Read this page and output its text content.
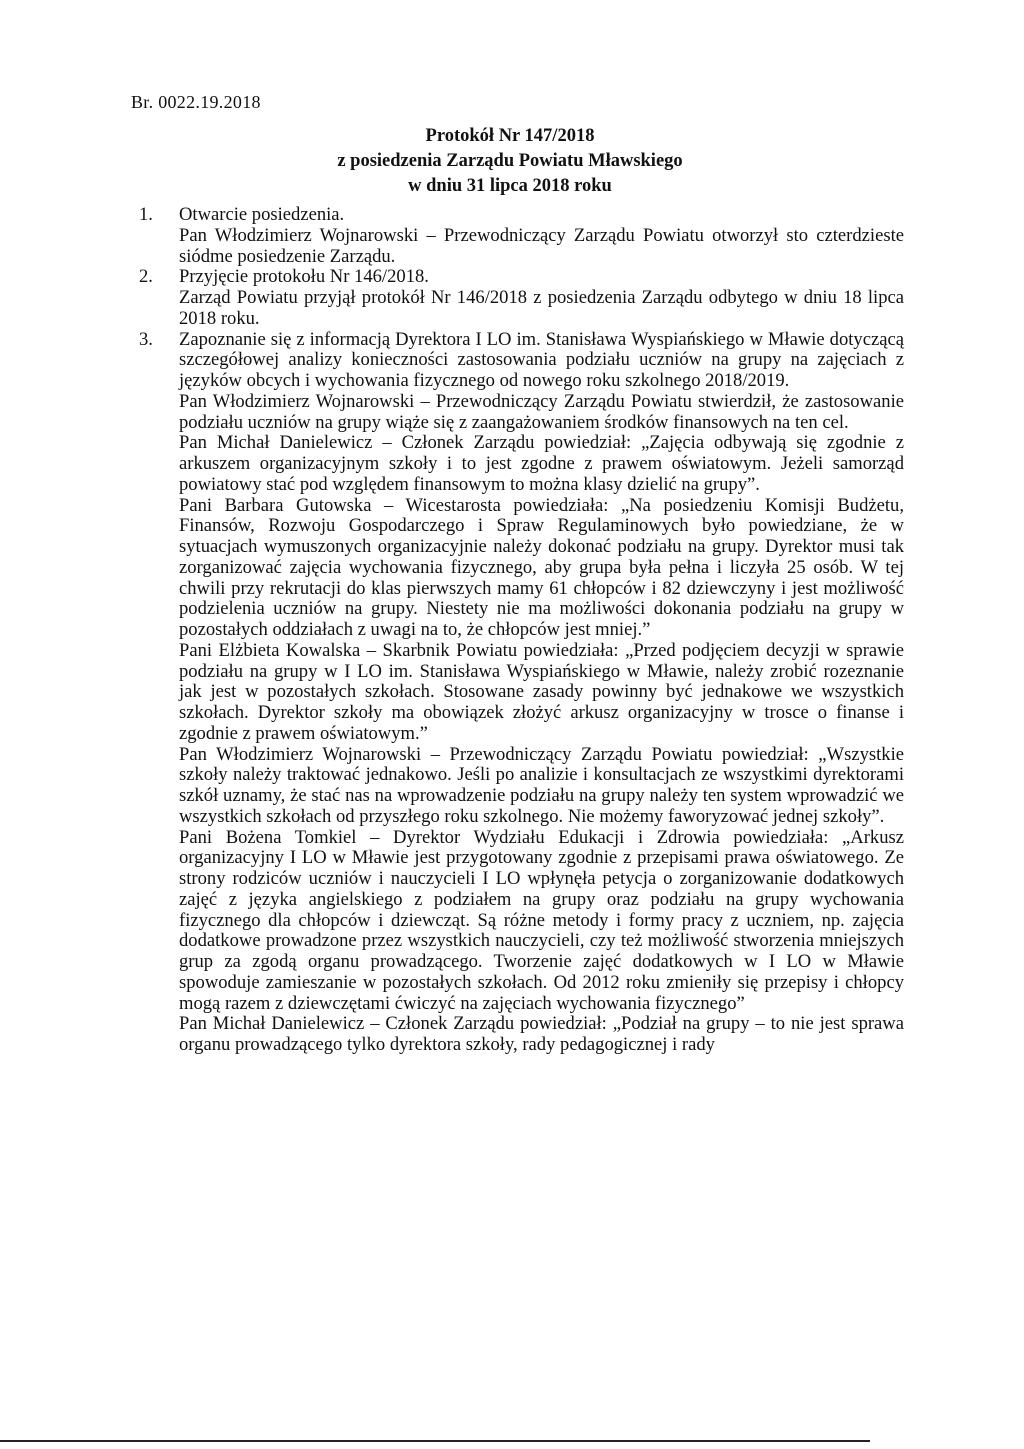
Br. 0022.19.2018
Protokół Nr 147/2018
z posiedzenia Zarządu Powiatu Mławskiego
w dniu 31 lipca 2018 roku
1. Otwarcie posiedzenia.

Pan Włodzimierz Wojnarowski – Przewodniczący Zarządu Powiatu otworzył sto czterdzieste siódme posiedzenie Zarządu.

2. Przyjęcie protokołu Nr 146/2018.

Zarząd Powiatu przyjął protokół Nr 146/2018 z posiedzenia Zarządu odbytego w dniu 18 lipca 2018 roku.

3. Zapoznanie się z informacją Dyrektora I LO im. Stanisława Wyspiańskiego w Mławie dotyczącą szczegółowej analizy konieczności zastosowania podziału uczniów na grupy na zajęciach z języków obcych i wychowania fizycznego od nowego roku szkolnego 2018/2019.

Pan Włodzimierz Wojnarowski – Przewodniczący Zarządu Powiatu stwierdził, że zastosowanie podziału uczniów na grupy wiąże się z zaangażowaniem środków finansowych na ten cel.

Pan Michał Danielewicz – Członek Zarządu powiedział: „Zajęcia odbywają się zgodnie z arkuszem organizacyjnym szkoły i to jest zgodne z prawem oświatowym. Jeżeli samorząd powiatowy stać pod względem finansowym to można klasy dzielić na grupy”.

Pani Barbara Gutowska – Wicestarosta powiedziała: „Na posiedzeniu Komisji Budżetu, Finansów, Rozwoju Gospodarczego i Spraw Regulaminowych było powiedziane, że w sytuacjach wymuszonych organizacyjnie należy dokonać podziału na grupy. Dyrektor musi tak zorganizować zajęcia wychowania fizycznego, aby grupa była pełna i liczyła 25 osób. W tej chwili przy rekrutacji do klas pierwszych mamy 61 chłopców i 82 dziewczyny i jest możliwość podzielenia uczniów na grupy. Niestety nie ma możliwości dokonania podziału na grupy w pozostałych oddziałach z uwagi na to, że chłopców jest mniej.”

Pani Elżbieta Kowalska – Skarbnik Powiatu powiedziała: „Przed podjęciem decyzji w sprawie podziału na grupy w I LO im. Stanisława Wyspiańskiego w Mławie, należy zrobić rozeznanie jak jest w pozostałych szkołach. Stosowane zasady powinny być jednakowe we wszystkich szkołach. Dyrektor szkoły ma obowiązek złożyć arkusz organizacyjny w trosce o finanse i zgodnie z prawem oświatowym.”

Pan Włodzimierz Wojnarowski – Przewodniczący Zarządu Powiatu powiedział: „Wszystkie szkoły należy traktować jednakowo. Jeśli po analizie i konsultacjach ze wszystkimi dyrektorami szkół uznamy, że stać nas na wprowadzenie podziału na grupy należy ten system wprowadzić we wszystkich szkołach od przyszłego roku szkolnego. Nie możemy faworyzować jednej szkoły”.

Pani Bożena Tomkiel – Dyrektor Wydziału Edukacji i Zdrowia powiedziała: „Arkusz organizacyjny I LO w Mławie jest przygotowany zgodnie z przepisami prawa oświatowego. Ze strony rodziców uczniów i nauczycieli I LO wpłynęła petycja o zorganizowanie dodatkowych zajęć z języka angielskiego z podziałem na grupy oraz podziału na grupy wychowania fizycznego dla chłopców i dziewcząt. Są różne metody i formy pracy z uczniem, np. zajęcia dodatkowe prowadzone przez wszystkich nauczycieli, czy też możliwość stworzenia mniejszych grup za zgodą organu prowadzącego. Tworzenie zajęć dodatkowych w I LO w Mławie spowoduje zamieszanie w pozostałych szkołach. Od 2012 roku zmieniły się przepisy i chłopcy mogą razem z dziewczętami ćwiczyć na zajęciach wychowania fizycznego”

Pan Michał Danielewicz – Członek Zarządu powiedział: „Podział na grupy – to nie jest sprawa organu prowadzącego tylko dyrektora szkoły, rady pedagogicznej i rady
